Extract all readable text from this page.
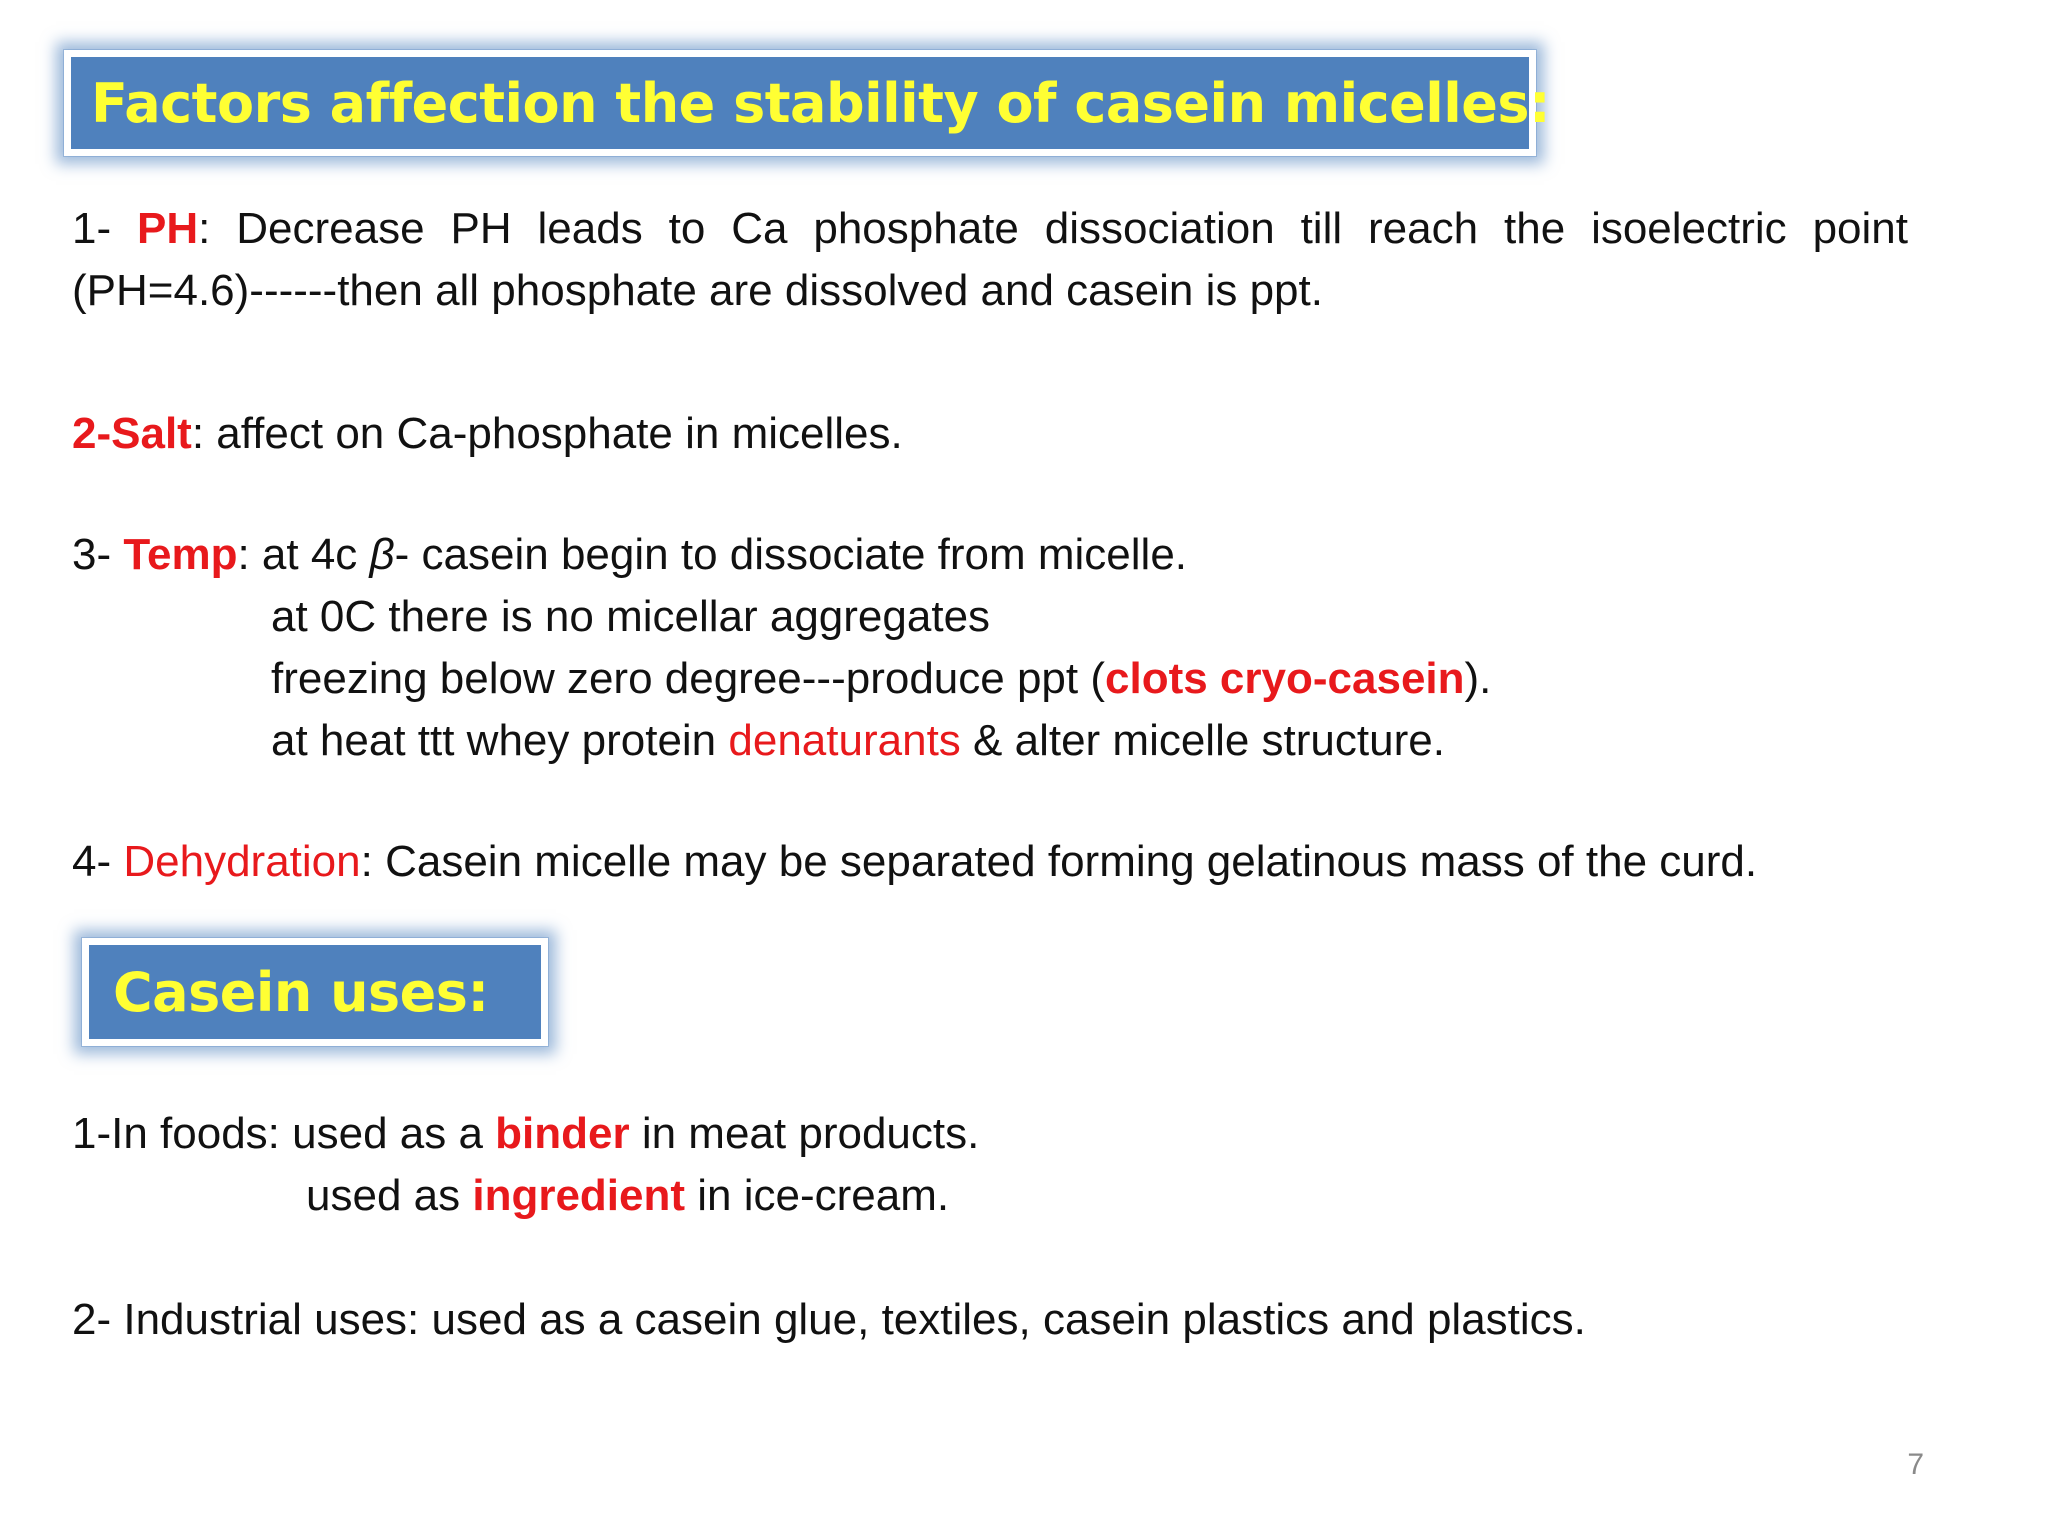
Factors affection the stability of casein micelles:
1- PH: Decrease PH leads to Ca phosphate dissociation till reach the isoelectric point
(PH=4.6)------then all phosphate are dissolved and casein is ppt.
2-Salt: affect on Ca-phosphate in micelles.
3- Temp: at 4c β- casein begin to dissociate from micelle.
at 0C there is no micellar aggregates
freezing below zero degree---produce ppt (clots cryo-casein).
at heat ttt whey protein denaturants & alter micelle structure.
4- Dehydration: Casein micelle may be separated forming gelatinous mass of the curd.
Casein uses:
1-In foods: used as a binder in meat products.
used as ingredient in ice-cream.
2- Industrial uses: used as a casein glue, textiles, casein plastics and plastics.
7
